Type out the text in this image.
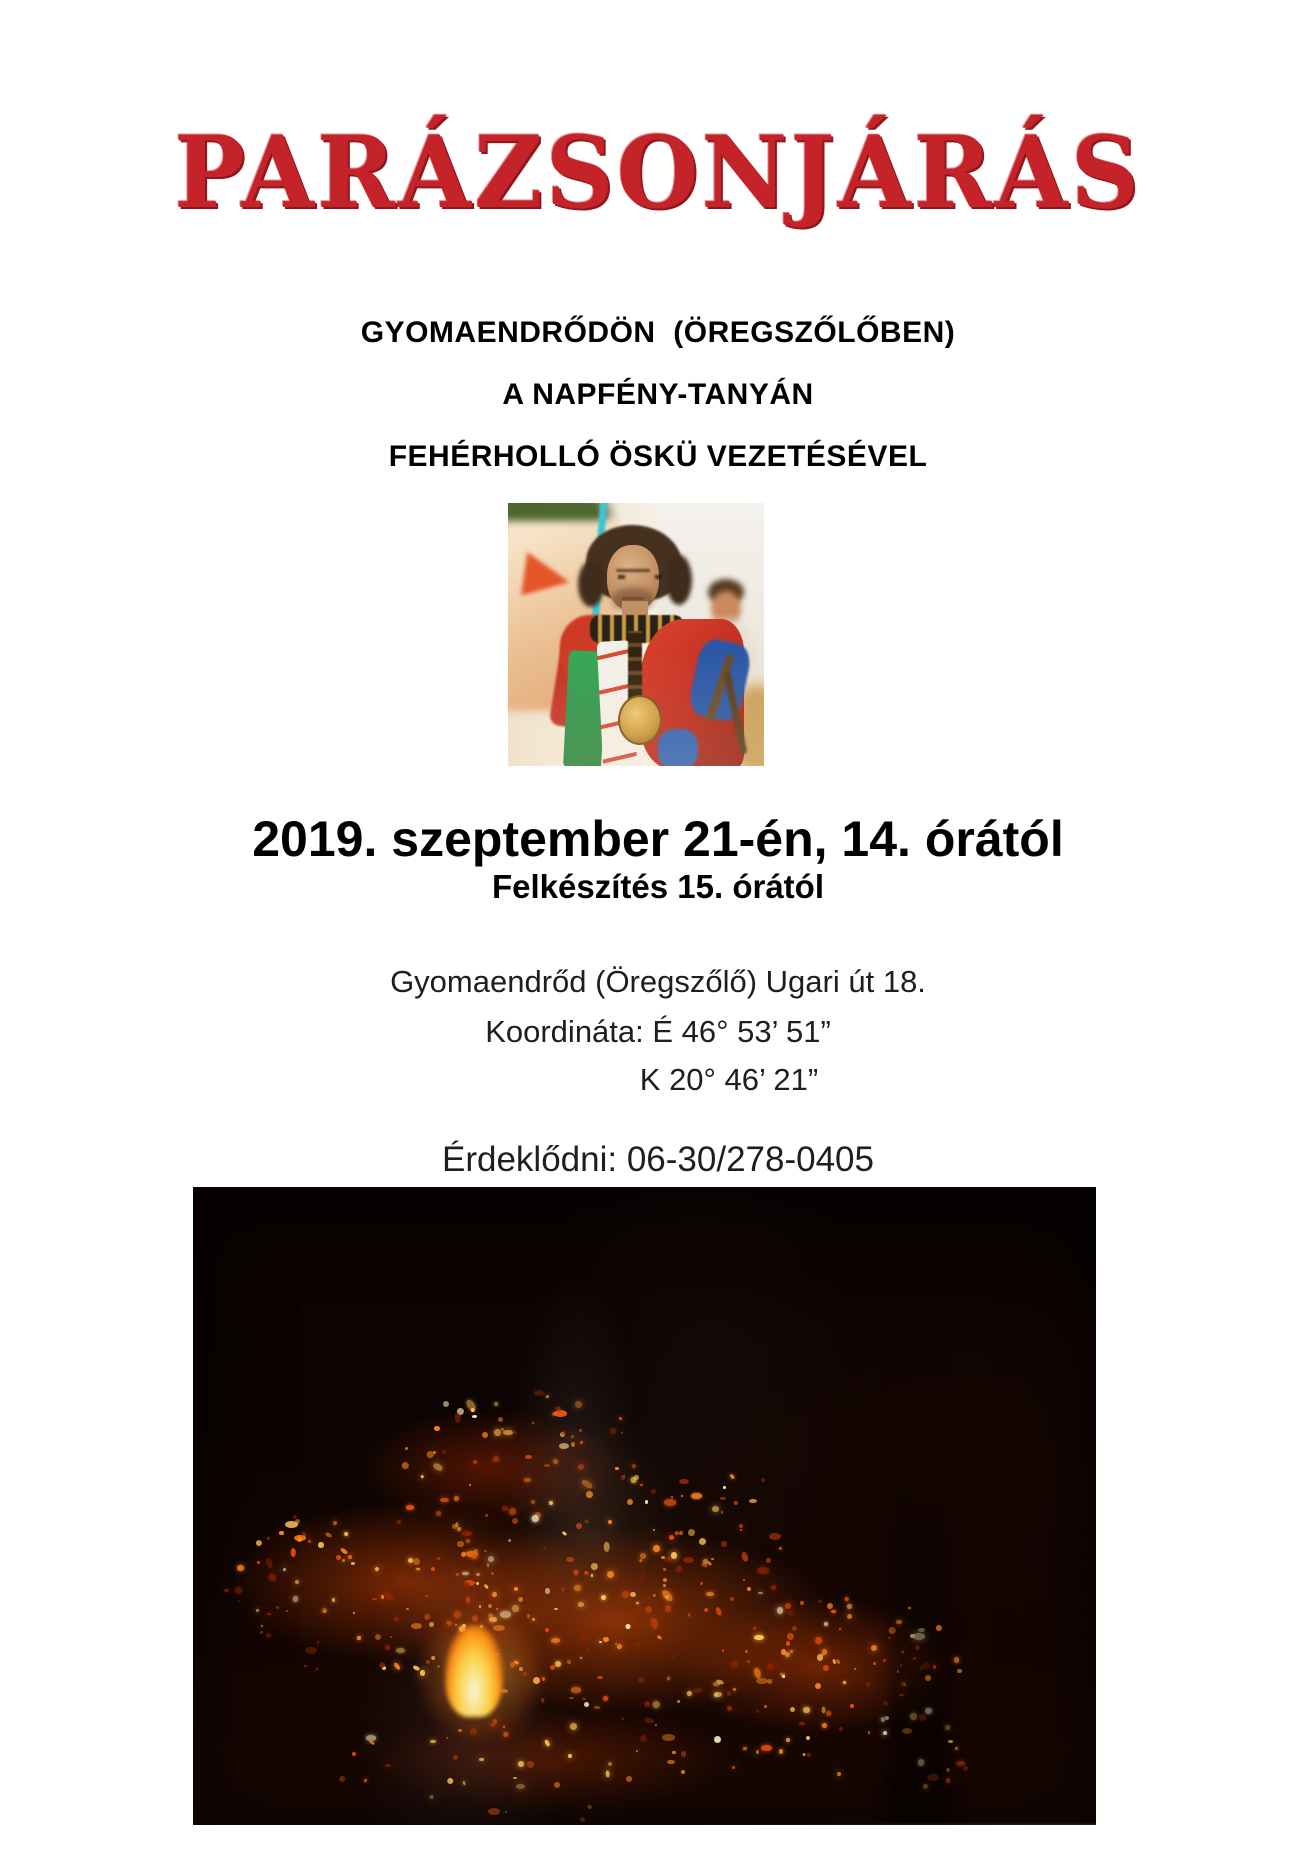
PARÁZSONJÁRÁS
GYOMAENDRŐDÖN  (ÖREGSZŐLŐBEN)
A NAPFÉNY-TANYÁN
FEHÉRHOLLÓ ÖSKÜ VEZETÉSÉVEL
2019. szeptember 21-én, 14. órától
Felkészítés 15. órától
Gyomaendrőd (Öregszőlő) Ugari út 18.
Koordináta: É 46° 53’ 51”
K 20° 46’ 21”
Érdeklődni: 06-30/278-0405
